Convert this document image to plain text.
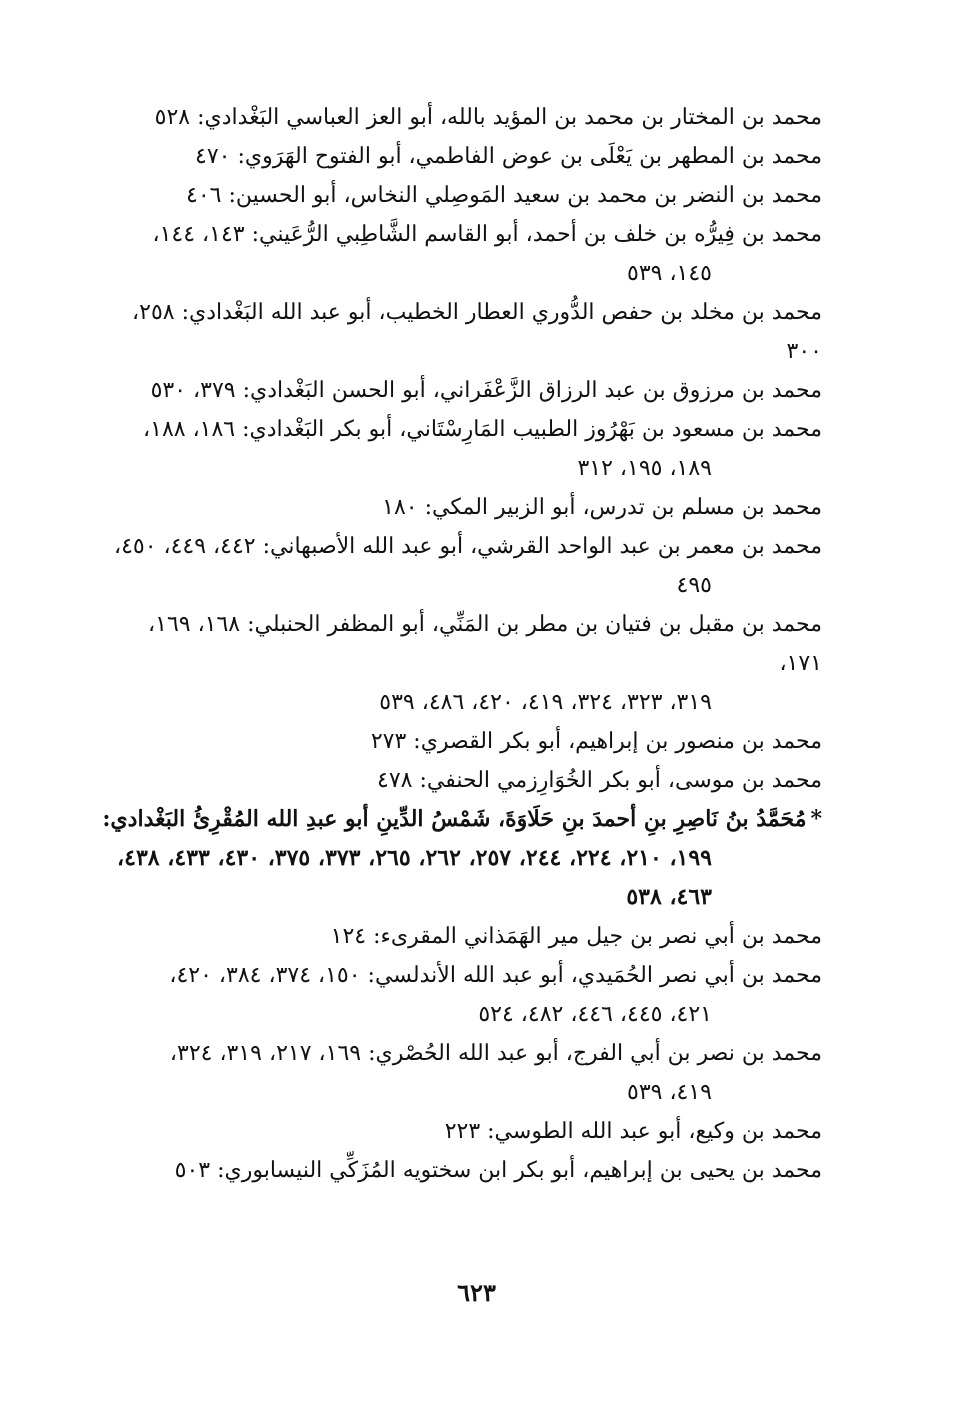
محمد بن المختار بن محمد بن المؤيد بالله، أبو العز العباسي البَغْدادي: ٥٢٨
محمد بن المطهر بن يَعْلَى بن عوض الفاطمي، أبو الفتوح الهَرَوي: ٤٧٠
محمد بن النضر بن محمد بن سعيد المَوصِلي النخاس، أبو الحسين: ٤٠٦
محمد بن فِيرُّه بن خلف بن أحمد، أبو القاسم الشَّاطِبي الرُّعَيني: ١٤٣، ١٤٤،
١٤٥، ٥٣٩
محمد بن مخلد بن حفص الدُّوري العطار الخطيب، أبو عبد الله البَغْدادي: ٢٥٨، ٣٠٠
محمد بن مرزوق بن عبد الرزاق الزَّعْفَراني، أبو الحسن البَغْدادي: ٣٧٩، ٥٣٠
محمد بن مسعود بن بَهْرُوز الطبيب المَارِسْتَاني، أبو بكر البَغْدادي: ١٨٦، ١٨٨،
١٨٩، ١٩٥، ٣١٢
محمد بن مسلم بن تدرس، أبو الزبير المكي: ١٨٠
محمد بن معمر بن عبد الواحد القرشي، أبو عبد الله الأصبهاني: ٤٤٢، ٤٤٩، ٤٥٠،
٤٩٥
محمد بن مقبل بن فتيان بن مطر بن المَنِّي، أبو المظفر الحنبلي: ١٦٨، ١٦٩، ١٧١،
٣١٩، ٣٢٣، ٣٢٤، ٤١٩، ٤٢٠، ٤٨٦، ٥٣٩
محمد بن منصور بن إبراهيم، أبو بكر القصري: ٢٧٣
محمد بن موسى، أبو بكر الخُوَارِزمي الحنفي: ٤٧٨
*مُحَمَّدُ بنُ نَاصِرِ بنِ أحمدَ بنِ حَلَاوَةَ، شَمْسُ الدِّينِ أبو عبدِ الله المُقْرِئُ البَغْدادي:
١٩٩، ٢١٠، ٢٢٤، ٢٤٤، ٢٥٧، ٢٦٢، ٢٦٥، ٣٧٣، ٣٧٥، ٤٣٠، ٤٣٣، ٤٣٨، ٤٦٣، ٥٣٨
محمد بن أبي نصر بن جيل مير الهَمَذاني المقرىء: ١٢٤
محمد بن أبي نصر الحُمَيدي، أبو عبد الله الأندلسي: ١٥٠، ٣٧٤، ٣٨٤، ٤٢٠،
٤٢١، ٤٤٥، ٤٤٦، ٤٨٢، ٥٢٤
محمد بن نصر بن أبي الفرج، أبو عبد الله الحُصْري: ١٦٩، ٢١٧، ٣١٩، ٣٢٤،
٤١٩، ٥٣٩
محمد بن وكيع، أبو عبد الله الطوسي: ٢٢٣
محمد بن يحيى بن إبراهيم، أبو بكر ابن سختويه المُزَكِّي النيسابوري: ٥٠٣
٦٢٣
